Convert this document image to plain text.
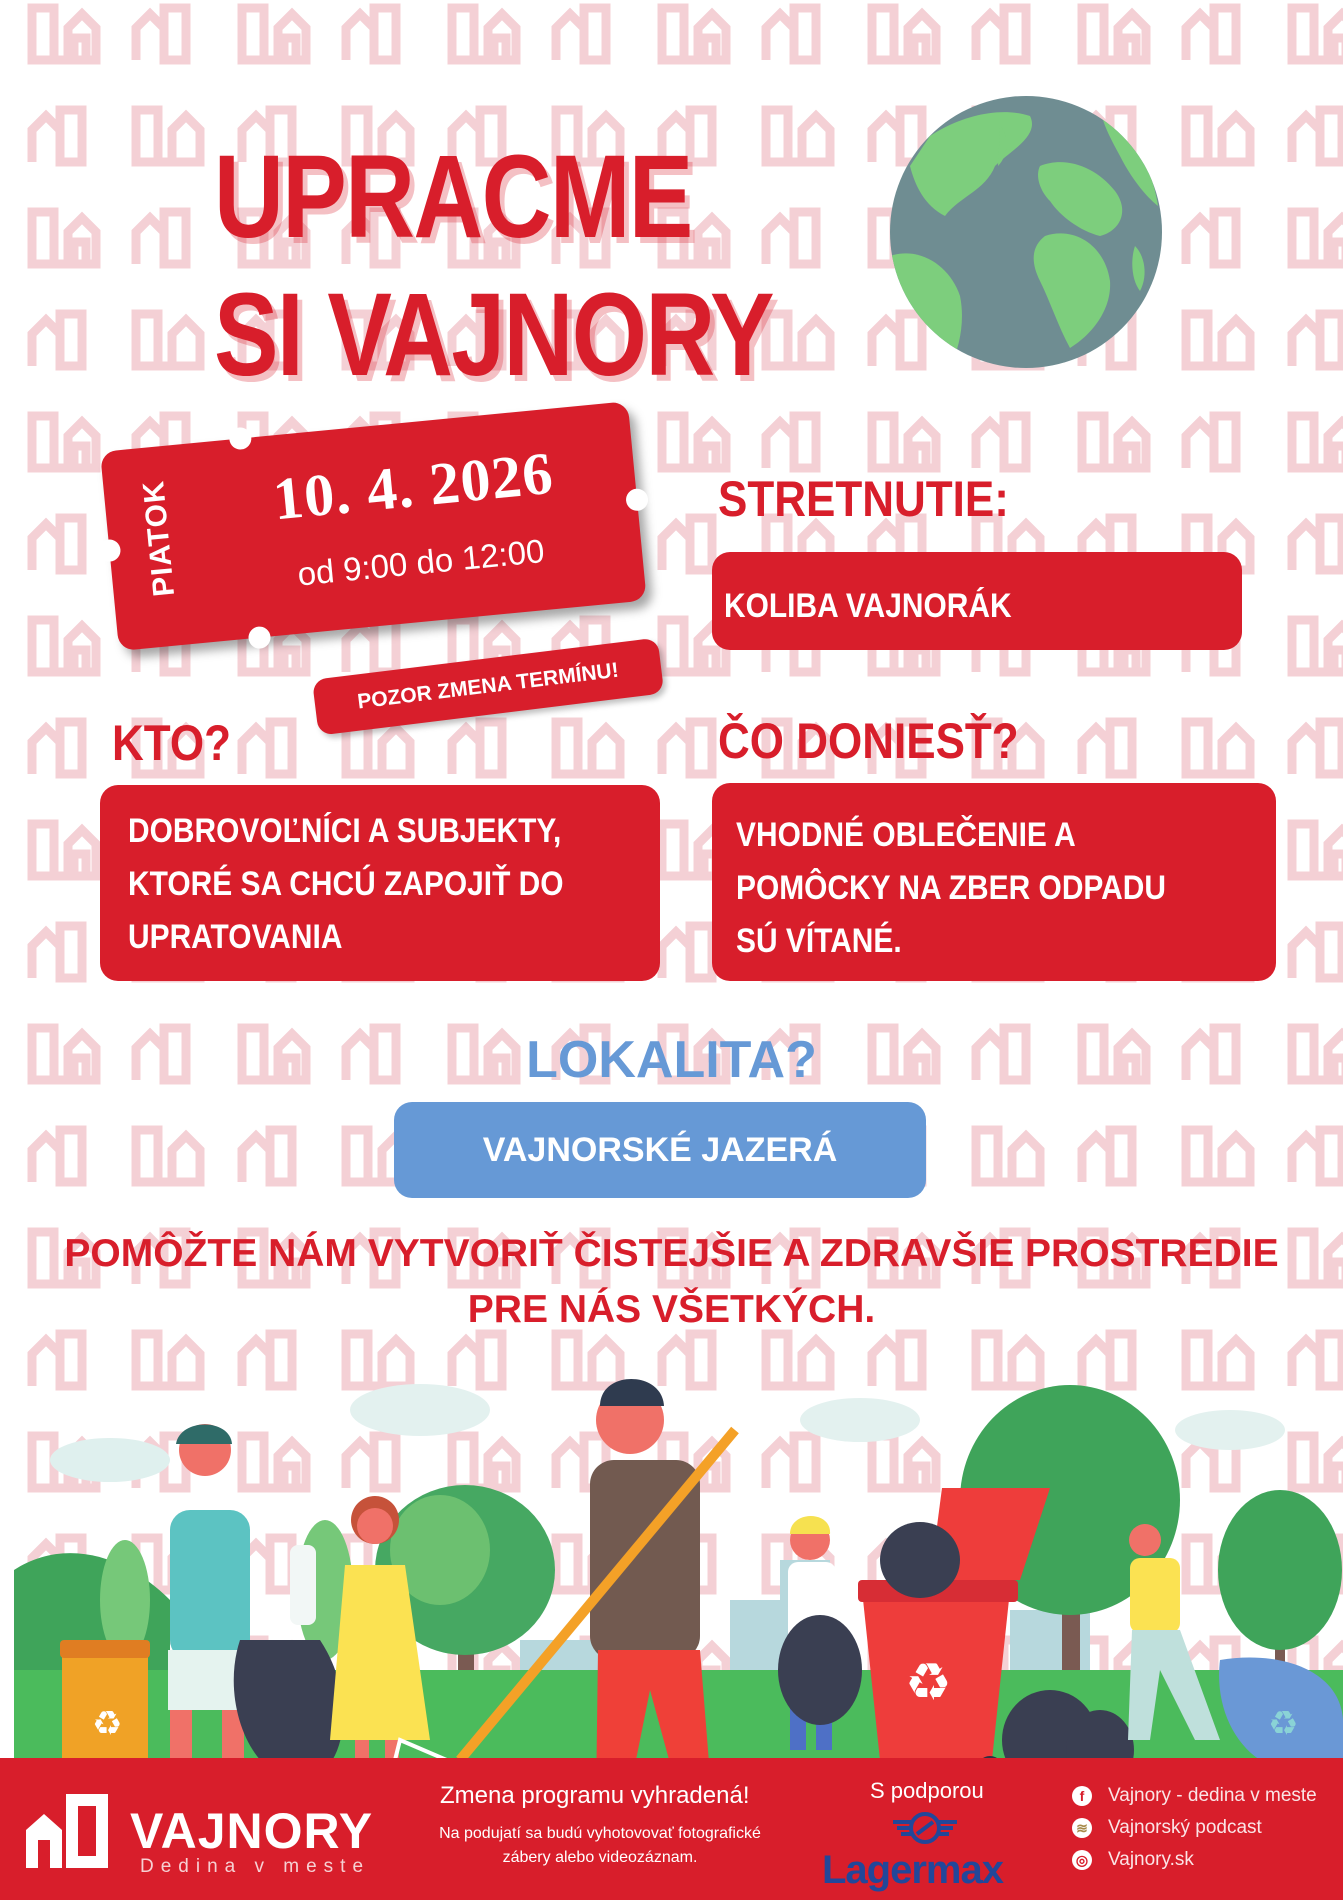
UPRACME
SI VAJNORY
PIATOK 10. 4. 2026
od 9:00 do 12:00
POZOR ZMENA TERMÍNU!
STRETNUTIE:
KOLIBA VAJNORÁK
KTO?
DOBROVOĽNÍCI A SUBJEKTY,
KTORÉ SA CHCÚ ZAPOJIŤ DO
UPRATOVANIA
ČO DONIESŤ?
VHODNÉ OBLEČENIE A
POMÔCKY NA ZBER ODPADU
SÚ VÍTANÉ.
LOKALITA?
VAJNORSKÉ JAZERÁ
POMÔŽTE NÁM VYTVORIŤ ČISTEJŠIE A ZDRAVŠIE PROSTREDIE
PRE NÁS VŠETKÝCH.
♻
♻
♻
VAJNORY
Dedina v meste
Zmena programu vyhradená!
Na podujatí sa budú vyhotovovať fotografické zábery alebo videozáznam.
S podporou
Lagermax
f	Vajnory - dedina v meste
≋ Vajnorský podcast
◎ Vajnory.sk
